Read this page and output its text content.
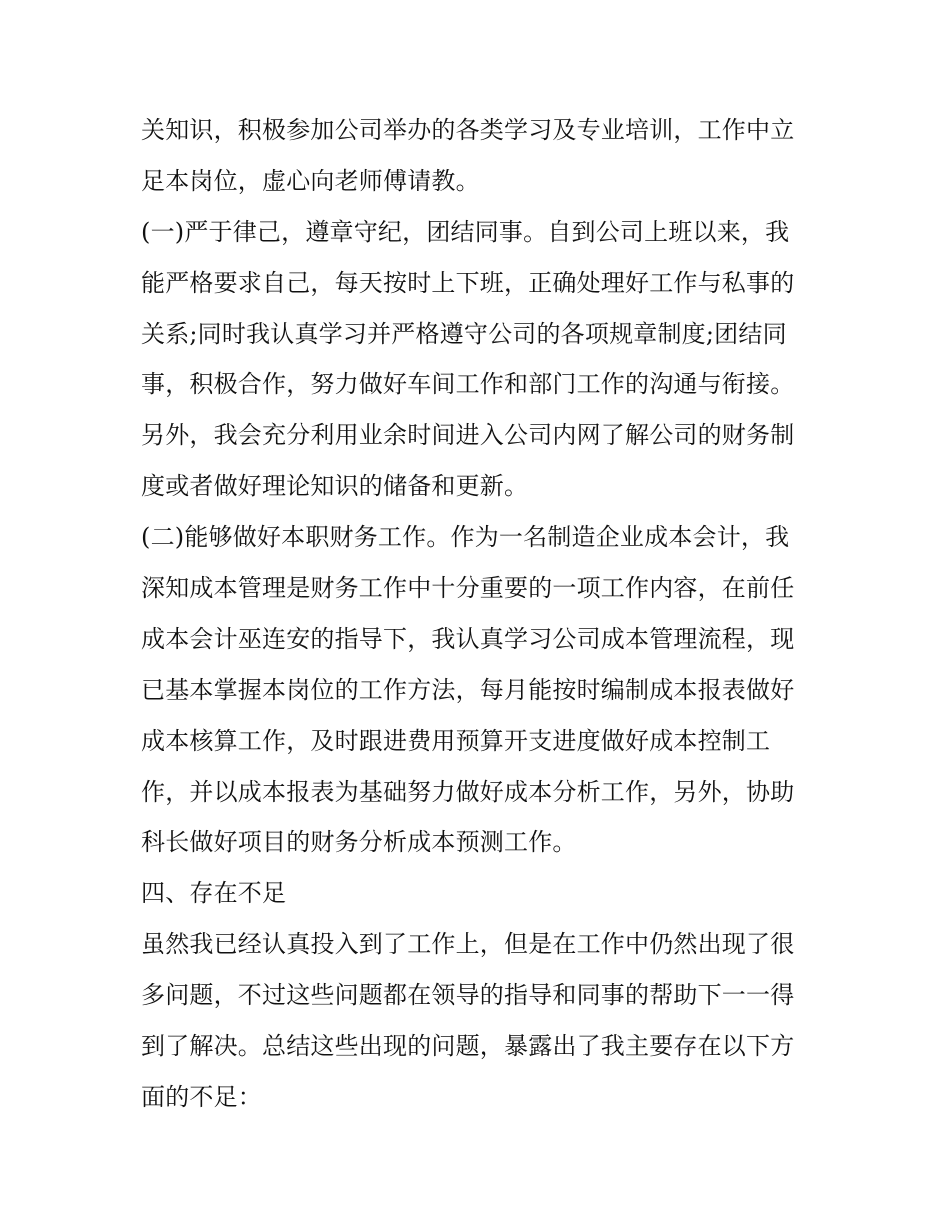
关知识，积极参加公司举办的各类学习及专业培训，工作中立
足本岗位，虚心向老师傅请教。
(一)严于律己，遵章守纪，团结同事。自到公司上班以来，我
能严格要求自己，每天按时上下班，正确处理好工作与私事的
关系;同时我认真学习并严格遵守公司的各项规章制度;团结同
事，积极合作，努力做好车间工作和部门工作的沟通与衔接。
另外，我会充分利用业余时间进入公司内网了解公司的财务制
度或者做好理论知识的储备和更新。
(二)能够做好本职财务工作。作为一名制造企业成本会计，我
深知成本管理是财务工作中十分重要的一项工作内容，在前任
成本会计巫连安的指导下，我认真学习公司成本管理流程，现
已基本掌握本岗位的工作方法，每月能按时编制成本报表做好
成本核算工作，及时跟进费用预算开支进度做好成本控制工
作，并以成本报表为基础努力做好成本分析工作，另外，协助
科长做好项目的财务分析成本预测工作。
四、存在不足
虽然我已经认真投入到了工作上，但是在工作中仍然出现了很
多问题，不过这些问题都在领导的指导和同事的帮助下一一得
到了解决。总结这些出现的问题，暴露出了我主要存在以下方
面的不足：
